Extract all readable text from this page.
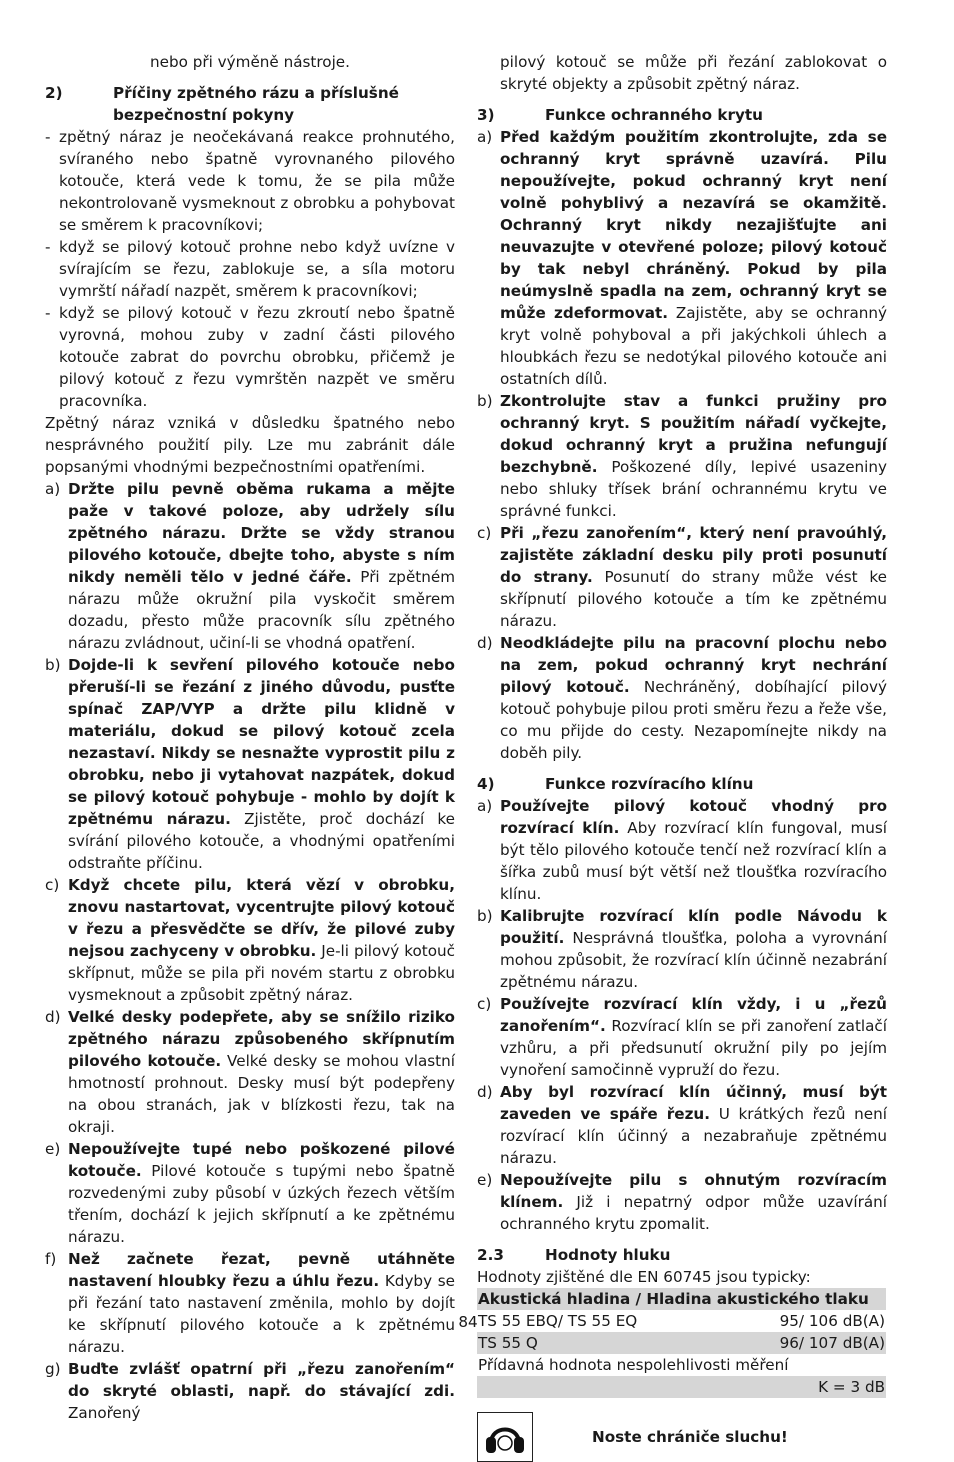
nebo při výměně nástroje.

2)	Příčiny zpětného rázu a příslušné bezpečnostní pokyny
- zpětný náraz je neočekávaná reakce prohnutého, svíraného nebo špatně vyrovnaného pilového kotouče, která vede k tomu, že se pila může nekontrolovaně vysmeknout z obrobku a pohybovat se směrem k pracovníkovi;
- když se pilový kotouč prohne nebo když uvízne v svírajícím se řezu, zablokuje se, a síla motoru vymrští nářadí nazpět, směrem k pracovníkovi;
- když se pilový kotouč v řezu zkroutí nebo špatně vyrovná, mohou zuby v zadní části pilového kotouče zabrat do povrchu obrobku, přičemž je pilový kotouč z řezu vymrštěn nazpět ve směru pracovníka.

Zpětný náraz vzniká v důsledku špatného nebo nesprávného použití pily. Lze mu zabránit dále popsanými vhodnými bezpečnostními opatřeními.

a) Držte pilu pevně oběma rukama a mějte paže v takové poloze, aby udržely sílu zpětného nárazu. Držte se vždy stranou pilového kotouče, dbejte toho, abyste s ním nikdy neměli tělo v jedné čáře. Při zpětném nárazu může okružní pila vyskočit směrem dozadu, přesto může pracovník sílu zpětného nárazu zvládnout, učiní-li se vhodná opatření.
b) Dojde-li k sevření pilového kotouče nebo přeruší-li se řezání z jiného důvodu, pusťte spínač ZAP/VYP a držte pilu klidně v materiálu, dokud se pilový kotouč zcela nezastaví. Nikdy se nesnažte vyprostit pilu z obrobku, nebo ji vytahovat nazpátek, dokud se pilový kotouč pohybuje - mohlo by dojít k zpětnému nárazu. Zjistěte, proč dochází ke svírání pilového kotouče, a vhodnými opatřeními odstraňte příčinu.
c) Když chcete pilu, která vězí v obrobku, znovu nastartovat, vycentrujte pilový kotouč v řezu a přesvědčte se dřív, že pilové zuby nejsou zachyceny v obrobku. Je-li pilový kotouč skřípnut, může se pila při novém startu z obrobku vysmeknout a způsobit zpětný náraz.
d) Velké desky podepřete, aby se snížilo riziko zpětného nárazu způsobeného skřípnutím pilového kotouče. Velké desky se mohou vlastní hmotností prohnout. Desky musí být podepřeny na obou stranách, jak v blízkosti řezu, tak na okraji.
e) Nepoužívejte tupé nebo poškozené pilové kotouče. Pilové kotouče s tupými nebo špatně rozvedenými zuby působí v úzkých řezech větším třením, dochází k jejich skřípnutí a ke zpětnému nárazu.
f) Než začnete řezat, pevně utáhněte nastavení hloubky řezu a úhlu řezu. Kdyby se při řezání tato nastavení změnila, mohlo by dojít ke skřípnutí pilového kotouče a k zpětnému nárazu.
g) Buďte zvlášť opatrní při „řezu zanořením“ do skryté oblasti, např. do stávající zdi. Zanořený

pilový kotouč se může při řezání zablokovat o skryté objekty a způsobit zpětný náraz.

3)	Funkce ochranného krytu
a) Před každým použitím zkontrolujte, zda se ochranný kryt správně uzavírá. Pilu nepoužívejte, pokud ochranný kryt není volně pohyblivý a nezavírá se okamžitě. Ochranný kryt nikdy nezajišťujte ani neuvazujte v otevřené poloze; pilový kotouč by tak nebyl chráněný. Pokud by pila neúmyslně spadla na zem, ochranný kryt se může zdeformovat. Zajistěte, aby se ochranný kryt volně pohyboval a při jakýchkoli úhlech a hloubkách řezu se nedotýkal pilového kotouče ani ostatních dílů.
b) Zkontrolujte stav a funkci pružiny pro ochranný kryt. S použitím nářadí vyčkejte, dokud ochranný kryt a pružina nefungují bezchybně. Poškozené díly, lepivé usazeniny nebo shluky třísek brání ochrannému krytu ve správné funkci.
c) Při „řezu zanořením“, který není pravoúhlý, zajistěte základní desku pily proti posunutí do strany. Posunutí do strany může vést ke skřípnutí pilového kotouče a tím ke zpětnému nárazu.
d) Neodkládejte pilu na pracovní plochu nebo na zem, pokud ochranný kryt nechrání pilový kotouč. Nechráněný, dobíhající pilový kotouč pohybuje pilou proti směru řezu a řeže vše, co mu přijde do cesty. Nezapomínejte nikdy na doběh pily.
4)	Funkce rozvíracího klínu
a) Používejte pilový kotouč vhodný pro rozvírací klín. Aby rozvírací klín fungoval, musí být tělo pilového kotouče tenčí než rozvírací klín a šířka zubů musí být větší než tloušťka rozvíracího klínu.
b) Kalibrujte rozvírací klín podle Návodu k použití. Nesprávná tloušťka, poloha a vyrovnání mohou způsobit, že rozvírací klín účinně nezabrání zpětnému nárazu.
c) Používejte rozvírací klín vždy, i u „řezů zanořením“. Rozvírací klín se při zanoření zatlačí vzhůru, a při předsunutí okružní pily po jejím vynoření samočinně vypruží do řezu.
d) Aby byl rozvírací klín účinný, musí být zaveden ve spáře řezu. U krátkých řezů není rozvírací klín účinný a nezabraňuje zpětnému nárazu.
e) Nepoužívejte pilu s ohnutým rozvíracím klínem. Již i nepatrný odpor může uzavírání ochranného krytu zpomalit.
2.3	Hodnoty hluku

Hodnoty zjištěné dle EN 60745 jsou typicky:

Akustická hladina / Hladina akustického tlaku	
TS 55 EBQ/ TS 55 EQ	95/ 106 dB(A)
TS 55 Q	96/ 107 dB(A)
Přídavná hodnota nespolehlivosti měření	
K = 3 dB	
Noste chrániče sluchu!
84
